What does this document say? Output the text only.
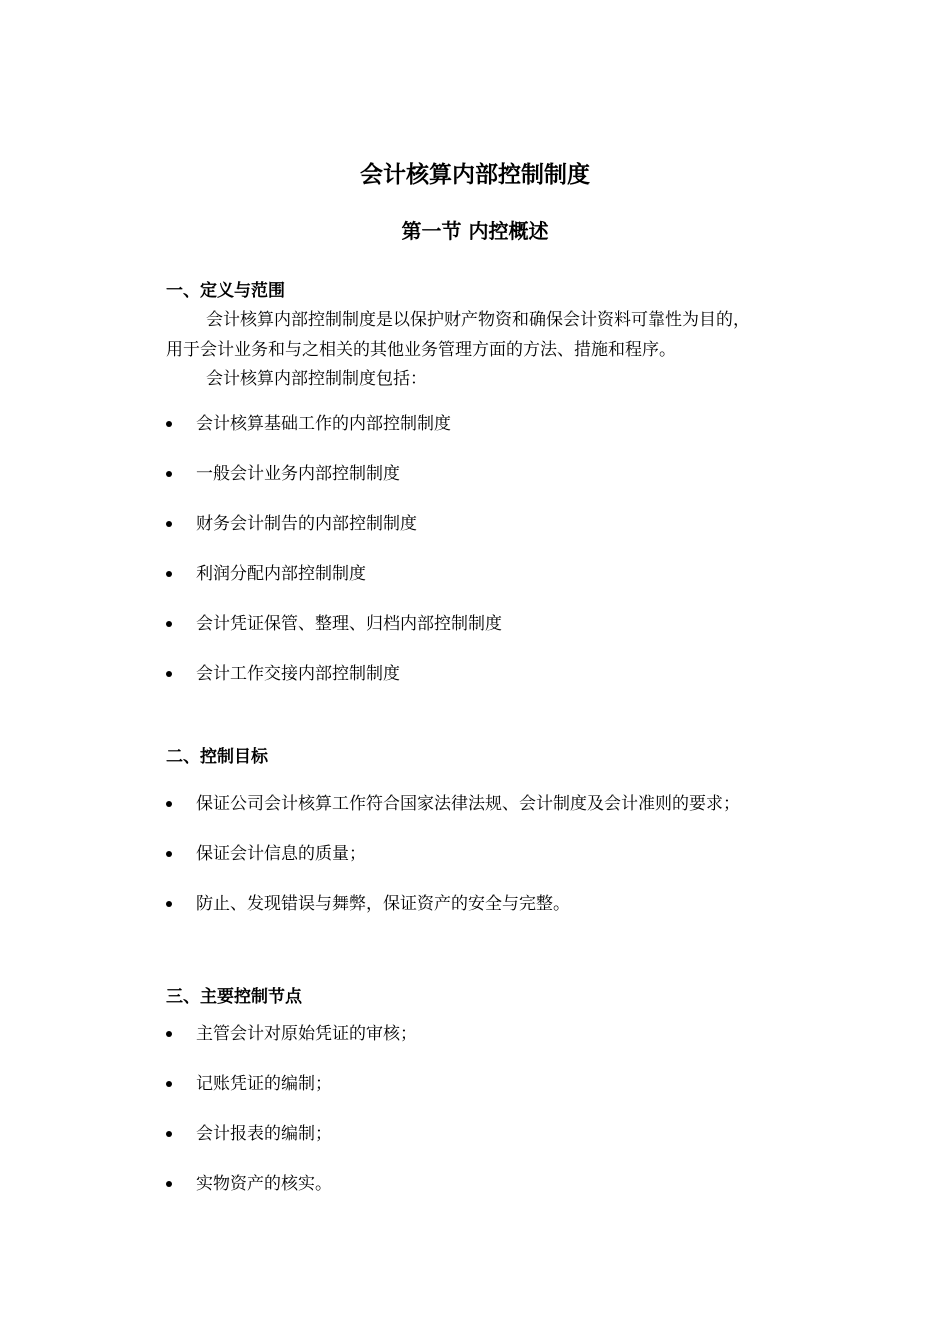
会计核算内部控制制度
第一节 内控概述
一、定义与范围

会计核算内部控制制度是以保护财产物资和确保会计资料可靠性为目的，

用于会计业务和与之相关的其他业务管理方面的方法、措施和程序。

会计核算内部控制制度包括：

会计核算基础工作的内部控制制度
一般会计业务内部控制制度
财务会计制告的内部控制制度
利润分配内部控制制度
会计凭证保管、整理、归档内部控制制度
会计工作交接内部控制制度
二、控制目标
保证公司会计核算工作符合国家法律法规、会计制度及会计准则的要求；
保证会计信息的质量；
防止、发现错误与舞弊，保证资产的安全与完整。
三、主要控制节点
主管会计对原始凭证的审核；
记账凭证的编制；
会计报表的编制；
实物资产的核实。
